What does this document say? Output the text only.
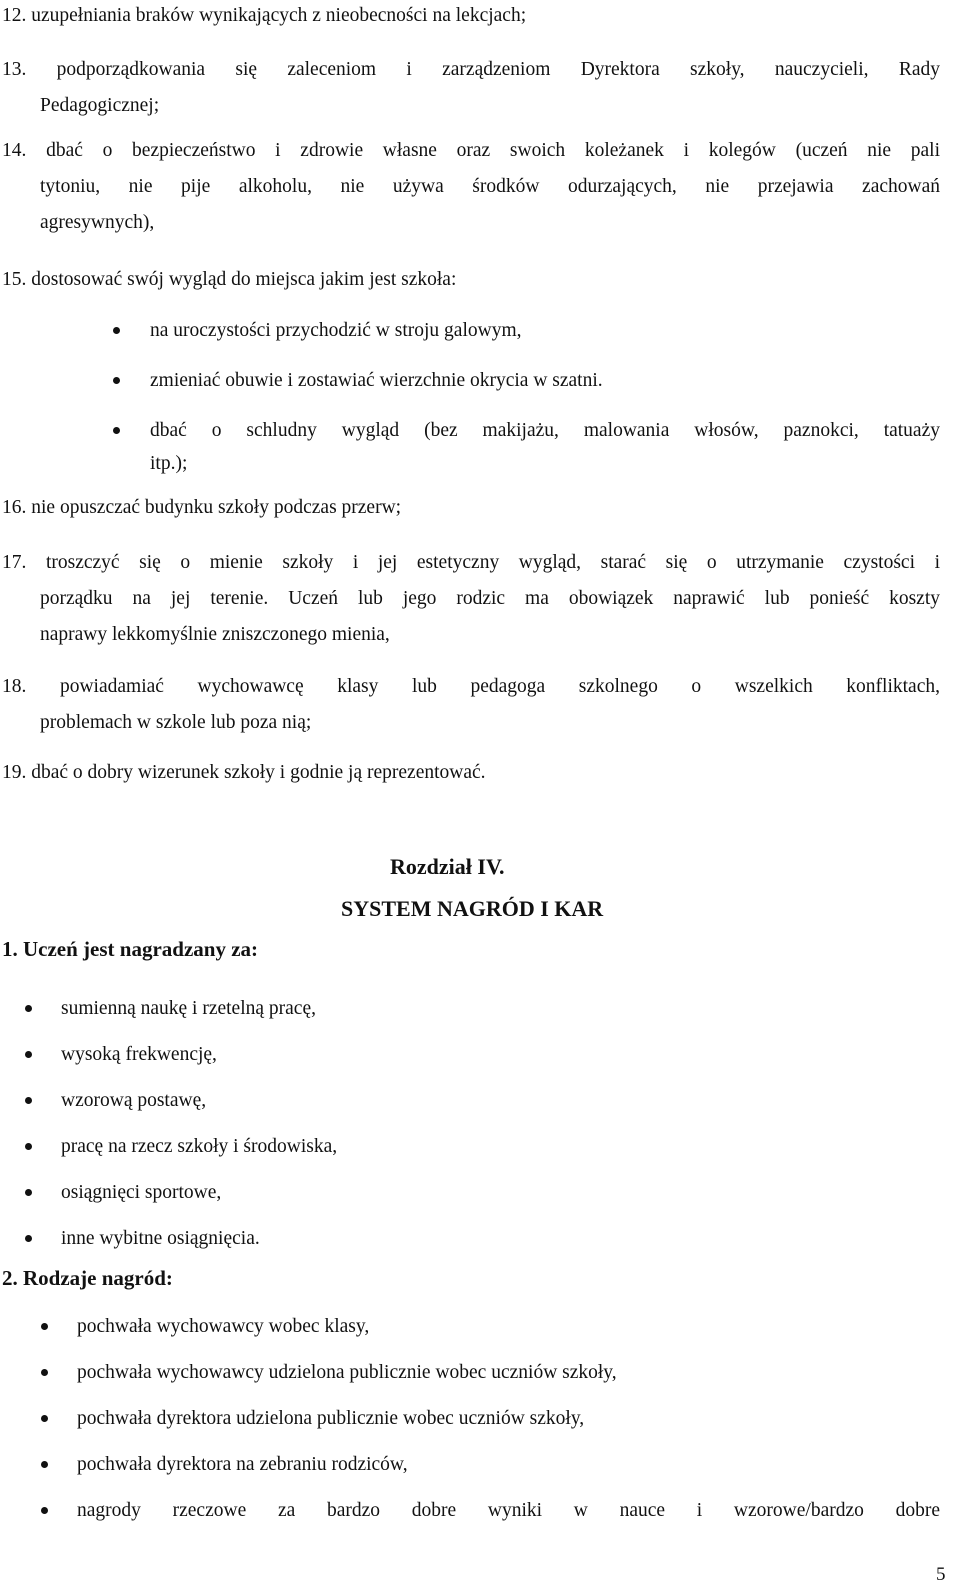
12. uzupełniania braków wynikających z nieobecności na lekcjach;
13. podporządkowania się zaleceniom i zarządzeniom Dyrektora szkoły, nauczycieli, Rady
Pedagogicznej;
14. dbać o bezpieczeństwo i zdrowie własne oraz swoich koleżanek i kolegów (uczeń nie pali
tytoniu, nie pije alkoholu, nie używa środków odurzających, nie przejawia zachowań
agresywnych),
15. dostosować swój wygląd do miejsca jakim jest szkoła:
na uroczystości przychodzić w stroju galowym,
zmieniać obuwie i zostawiać wierzchnie okrycia w szatni.
dbać o schludny wygląd (bez makijażu, malowania włosów, paznokci, tatuaży
itp.);
16. nie opuszczać budynku szkoły podczas przerw;
17. troszczyć się o mienie szkoły i jej estetyczny wygląd, starać się o utrzymanie czystości i
porządku na jej terenie. Uczeń lub jego rodzic ma obowiązek naprawić lub ponieść koszty
naprawy lekkomyślnie zniszczonego mienia,
18. powiadamiać wychowawcę klasy lub pedagoga szkolnego o wszelkich konfliktach,
problemach w szkole lub poza nią;
19. dbać o dobry wizerunek szkoły i godnie ją reprezentować.
Rozdział IV.
SYSTEM NAGRÓD I KAR
1. Uczeń jest nagradzany za:
sumienną naukę i rzetelną pracę,
wysoką frekwencję,
wzorową postawę,
pracę na rzecz szkoły i środowiska,
osiągnięci sportowe,
inne wybitne osiągnięcia.
2. Rodzaje nagród:
pochwała wychowawcy wobec klasy,
pochwała wychowawcy udzielona publicznie wobec uczniów szkoły,
pochwała dyrektora udzielona publicznie wobec uczniów szkoły,
pochwała dyrektora na zebraniu rodziców,
nagrody rzeczowe za bardzo dobre wyniki w nauce i wzorowe/bardzo dobre
5
